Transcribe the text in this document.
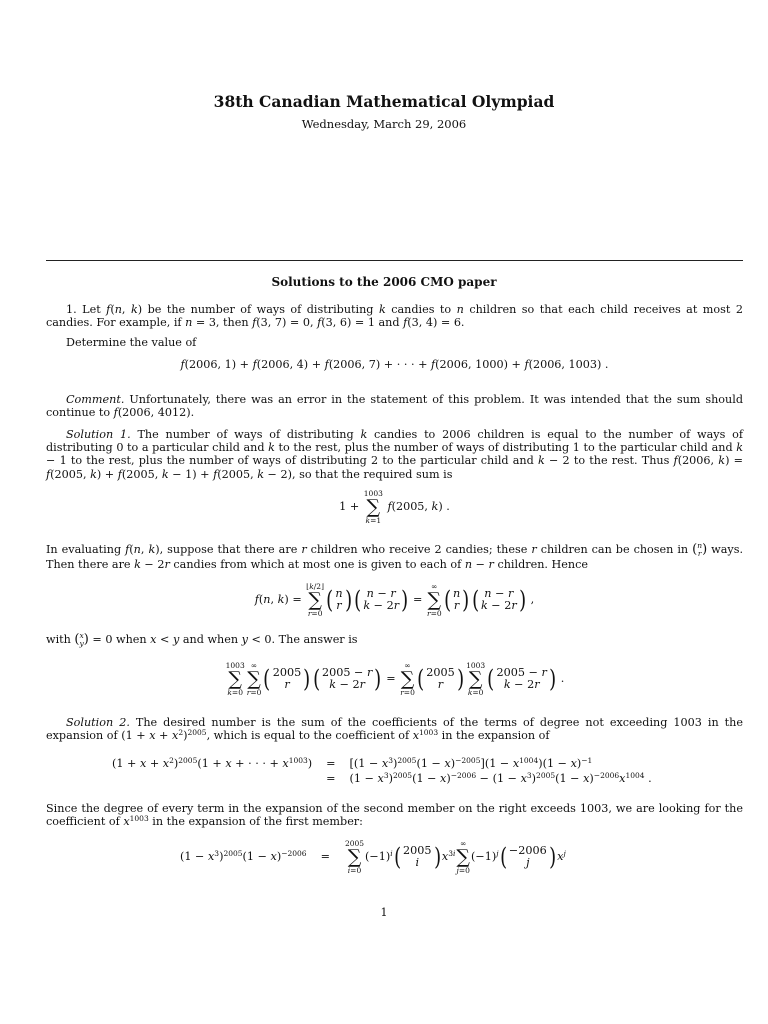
38th Canadian Mathematical Olympiad
Wednesday, March 29, 2006
Solutions to the 2006 CMO paper

1. Let f(n, k) be the number of ways of distributing k candies to n children so that each child receives at most 2 candies. For example, if n = 3, then f(3, 7) = 0, f(3, 6) = 1 and f(3, 4) = 6.

Determine the value of

f(2006, 1) + f(2006, 4) + f(2006, 7) + · · · + f(2006, 1000) + f(2006, 1003) .

Comment. Unfortunately, there was an error in the statement of this problem. It was intended that the sum should continue to f(2006, 4012).

Solution 1. The number of ways of distributing k candies to 2006 children is equal to the number of ways of distributing 0 to a particular child and k to the rest, plus the number of ways of distributing 1 to the particular child and k − 1 to the rest, plus the number of ways of distributing 2 to the particular child and k − 2 to the rest. Thus f(2006, k) = f(2005, k) + f(2005, k − 1) + f(2005, k − 2), so that the required sum is

1 +
1003
∑
k=1
f(2005, k) .

In evaluating f(n, k), suppose that there are r children who receive 2 candies; these r children can be chosen in ( n
r ) ways. Then there are k − 2r candies from which at most one is given to each of n − r children. Hence

f(n, k) =
⌊k/2⌋
∑
r=0 ( n
r ) ( n − r
k − 2r ) =
∞
∑
r=0 ( n
r ) ( n − r
k − 2r ) ,

with ( x
y ) = 0 when x < y and when y < 0. The answer is

1003
∑
k=0
∞
∑
r=0 ( 2005
r ) ( 2005 − r
k − 2r ) =
∞
∑
r=0 ( 2005
r ) 1003
∑
k=0 ( 2005 − r
k − 2r ) .

Solution 2. The desired number is the sum of the coefficients of the terms of degree not exceeding 1003 in the expansion of $(1 + x + x^2)^{2005}$, which is equal to the coefficient of $x^{1003}$ in the expansion of

$(1 + x + x^2)^{2005}(1 + x$ + · · · + $x^{1003}) = [(1 - x^3)^{2005}(1 - x)^{-2005}](1 - x^{1004})(1 - x)^{-1}$
= $(1 - x^3)^{2005}(1 - x)^{-2006} - (1 - x^3)^{2005}(1 - x)^{-2006}x^{1004}$ .

Since the degree of every term in the expansion of the second member on the right exceeds 1003, we are looking for the coefficient of $x^{1003}$ in the expansion of the first member:

$(1 - x^3)^{2005}(1 - x)^{-2006}$ =
2005
∑
i=0
$(-1)^i$ ( 2005
i ) $x^{3i}$
∞
∑
j=0
$(-1)^j$ ( −2006
j ) $x^j$
1
